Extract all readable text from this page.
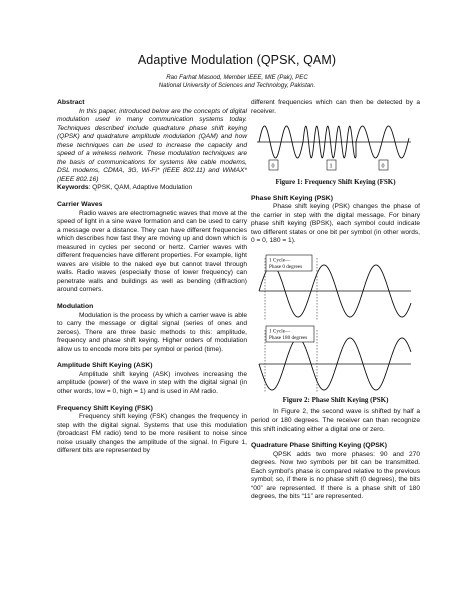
Adaptive Modulation (QPSK, QAM)
Rao Farhat Masood, Member IEEE, MIE (Pak), PEC
National University of Sciences and Technology, Pakistan.

Abstract

In this paper, introduced below are the concepts of digital modulation used in many communication systems today. Techniques described include quadrature phase shift keying (QPSK) and quadrature amplitude modulation (QAM) and how these techniques can be used to increase the capacity and speed of a wireless network. These modulation techniques are the basis of communications for systems like cable modems, DSL modems, CDMA, 3G, Wi-Fi* (IEEE 802.11) and WiMAX* (IEEE 802.16)

Keywords: QPSK, QAM, Adaptive Modulation

Carrier Waves

Radio waves are electromagnetic waves that move at the speed of light in a sine wave formation and can be used to carry a message over a distance. They can have different frequencies which describes how fast they are moving up and down which is measured in cycles per second or hertz. Carrier waves with different frequencies have different properties. For example, light waves are visible to the naked eye but cannot travel through walls. Radio waves (especially those of lower frequency) can penetrate walls and buildings as well as bending (diffraction) around corners.

Modulation

Modulation is the process by which a carrier wave is able to carry the message or digital signal (series of ones and zeroes). There are three basic methods to this: amplitude, frequency and phase shift keying. Higher orders of modulation allow us to encode more bits per symbol or period (time).

Amplitude Shift Keying (ASK)

Amplitude shift keying (ASK) involves increasing the amplitude (power) of the wave in step with the digital signal (in other words, low = 0, high = 1) and is used in AM radio.

Frequency Shift Keying (FSK)

Frequency shift keying (FSK) changes the frequency in step with the digital signal. Systems that use this modulation (broadcast FM radio) tend to be more resilient to noise since noise usually changes the amplitude of the signal. In Figure 1, different bits are represented by

different frequencies which can then be detected by a receiver.

0	1	0

Figure 1: Frequency Shift Keying (FSK)

Phase Shift Keying (PSK)

Phase shift keying (PSK) changes the phase of the carrier in step with the digital message. For binary phase shift keying (BPSK), each symbol could indicate two different states or one bit per symbol (in other words, 0 = 0, 180 = 1).

1 Cycle—
Phase 0 degrees
1 Cycle—
Phase 180 degrees

Figure 2: Phase Shift Keying (PSK)

In Figure 2, the second wave is shifted by half a period or 180 degrees. The receiver can than recognize this shift indicating either a digital one or zero.

Quadrature Phase Shifting Keying (QPSK)

QPSK adds two more phases: 90 and 270 degrees. Now two symbols per bit can be transmitted. Each symbol’s phase is compared relative to the previous symbol; so, if there is no phase shift (0 degrees), the bits “00” are represented. If there is a phase shift of 180 degrees, the bits “11” are represented.
